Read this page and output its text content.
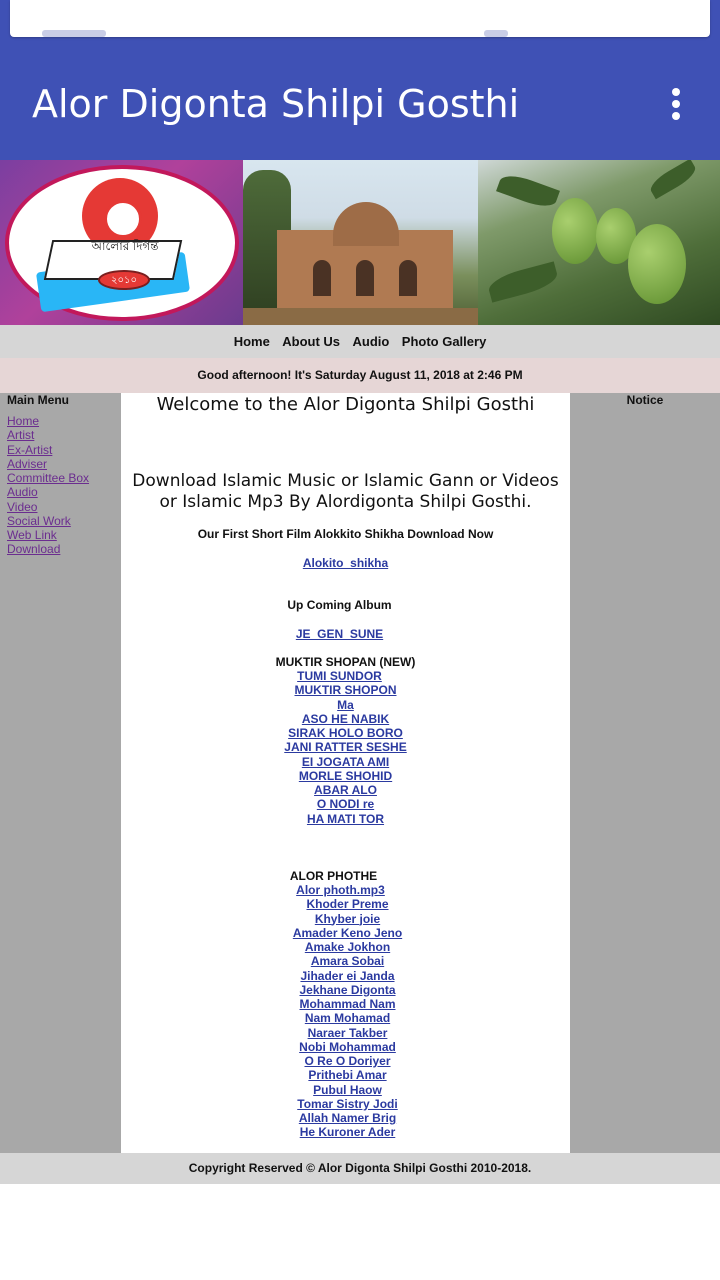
Alor Digonta Shilpi Gosthi
আলোর দিগন্ত
২০১০
Home About Us Audio Photo Gallery
Good afternoon! It's Saturday August 11, 2018 at 2:46 PM
Main Menu
Home
Artist
Ex-Artist
Adviser
Committee Box
Audio
Video
Social Work
Web Link
Download
Welcome to the Alor Digonta Shilpi Gosthi
Download Islamic Music or Islamic Gann or Videos or Islamic Mp3 By Alordigonta Shilpi Gosthi.
Our First Short Film Alokkito Shikha Download Now
Alokito_shikha
Up Coming Album
JE_GEN_SUNE
MUKTIR SHOPAN (NEW)
TUMI SUNDOR
MUKTIR SHOPON
Ma
ASO HE NABIK
SIRAK HOLO BORO
JANI RATTER SESHE
EI JOGATA AMI
MORLE SHOHID
ABAR ALO
O NODI re
HA MATI TOR
ALOR PHOTHE
Alor photh.mp3
Khoder Preme
Khyber joie
Amader Keno Jeno
Amake Jokhon
Amara Sobai
Jihader ei Janda
Jekhane Digonta
Mohammad Nam
Nam Mohamad
Naraer Takber
Nobi Mohammad
O Re O Doriyer
Prithebi Amar
Pubul Haow
Tomar Sistry Jodi
Allah Namer Brig
He Kuroner Ader
Notice
Copyright Reserved © Alor Digonta Shilpi Gosthi 2010-2018.
